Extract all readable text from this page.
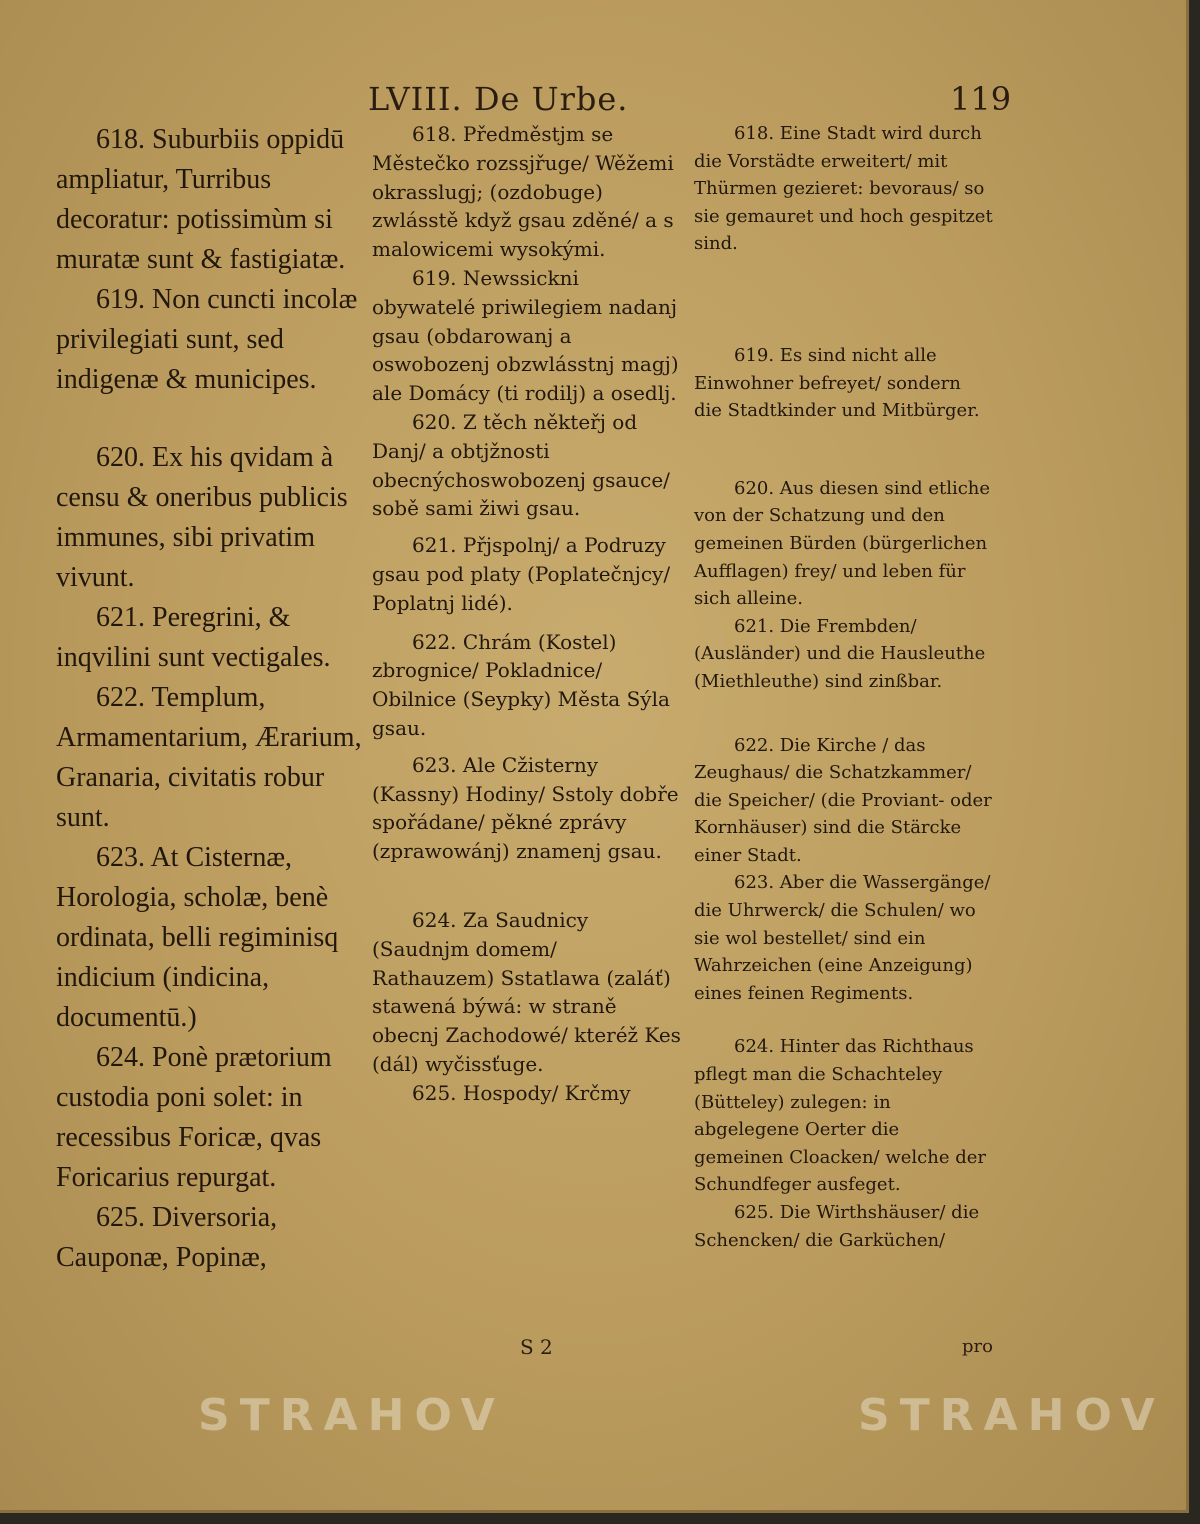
LVIII. De Urbe.	119

618. Suburbiis oppidū ampliatur, Turribus decoratur: potissimùm si muratæ sunt & fastigiatæ.

619. Non cuncti incolæ privilegiati sunt, sed indigenæ & municipes.

620. Ex his qvidam à censu & oneribus publicis immunes, sibi privatim vivunt.

621. Peregrini, & inqvilini sunt vectigales.

622. Templum, Armamentarium, Ærarium, Granaria, civitatis robur sunt.

623. At Cisternæ, Horologia, scholæ, benè ordinata, belli regiminisq indicium (indicina, documentū.)

624. Ponè prætorium custodia poni solet: in recessibus Foricæ, qvas Foricarius repurgat.

625. Diversoria, Cauponæ, Popinæ,

618. Předměstjm se Městečko rozssjřuge/ Wěžemi okrasslugj; (ozdobuge) zwlásstě když gsau zděné/ a s malowicemi wysokými.

619. Newssickni obywatelé priwilegiem nadanj gsau (obdarowanj a oswobozenj obzwlásstnj magj) ale Domácy (ti rodilj) a osedlj.

620. Z těch někteřj od Danj/ a obtjžnosti obecnýchoswobozenj gsauce/ sobě sami žiwi gsau.

621. Přjspolnj/ a Podruzy gsau pod platy (Poplatečnjcy/ Poplatnj lidé).

622. Chrám (Kostel) zbrognice/ Pokladnice/ Obilnice (Seypky) Města Sýla gsau.

623. Ale Cžisterny (Kassny) Hodiny/ Sstoly dobře spořádane/ pěkné zprávy (zprawowánj) znamenj gsau.

624. Za Saudnicy (Saudnjm domem/ Rathauzem) Sstatlawa (zaláť) stawená býwá: w straně obecnj Zachodowé/ kteréž Kes (dál) wyčissťuge.

625. Hospody/ Krčmy

618. Eine Stadt wird durch die Vorstädte erweitert/ mit Thürmen gezieret: bevoraus/ so sie gemauret und hoch gespitzet sind.

619. Es sind nicht alle Einwohner befreyet/ sondern die Stadtkinder und Mitbürger.

620. Aus diesen sind etliche von der Schatzung und den gemeinen Bürden (bürgerlichen Aufflagen) frey/ und leben für sich alleine.

621. Die Frembden/ (Ausländer) und die Hausleuthe (Miethleuthe) sind zinßbar.

622. Die Kirche / das Zeughaus/ die Schatzkammer/ die Speicher/ (die Proviant- oder Kornhäuser) sind die Stärcke einer Stadt.

623. Aber die Wassergänge/ die Uhrwerck/ die Schulen/ wo sie wol bestellet/ sind ein Wahrzeichen (eine Anzeigung) eines feinen Regiments.

624. Hinter das Richthaus pflegt man die Schachteley (Bütteley) zulegen: in abgelegene Oerter die gemeinen Cloacken/ welche der Schundfeger ausfeget.

625. Die Wirthshäuser/ die Schencken/ die Garküchen/

S 2	pro
STRAHOV	STRAHOV
